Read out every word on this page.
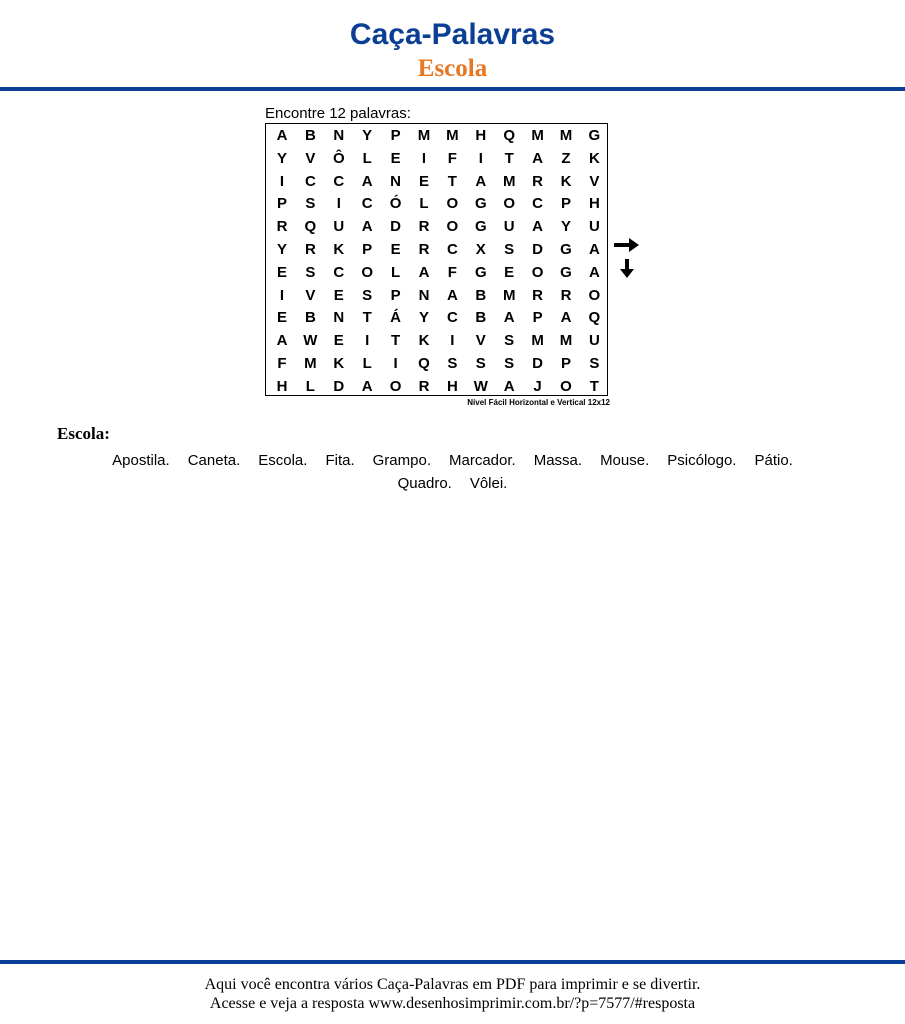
Caça-Palavras
Escola
Encontre 12 palavras:
A	B	N	Y	P	M	M	H	Q	M	M	G
Y	V	Ô	L	E	I	F	I	T	A	Z	K
I	C	C	A	N	E	T	A	M	R	K	V
P	S	I	C	Ó	L	O	G	O	C	P	H
R	Q	U	A	D	R	O	G	U	A	Y	U
Y	R	K	P	E	R	C	X	S	D	G	A
E	S	C	O	L	A	F	G	E	O	G	A
I	V	E	S	P	N	A	B	M	R	R	O
E	B	N	T	Á	Y	C	B	A	P	A	Q
A	W	E	I	T	K	I	V	S	M	M	U
F	M	K	L	I	Q	S	S	S	D	P	S
H	L	D	A	O	R	H	W	A	J	O	T
Nível Fácil Horizontal e Vertical 12x12
Escola:
Apostila. Caneta. Escola. Fita. Grampo. Marcador. Massa. Mouse. Psicólogo. Pátio.
Quadro. Vôlei.
Aqui você encontra vários Caça-Palavras em PDF para imprimir e se divertir.
Acesse e veja a resposta www.desenhosimprimir.com.br/?p=7577/#resposta
